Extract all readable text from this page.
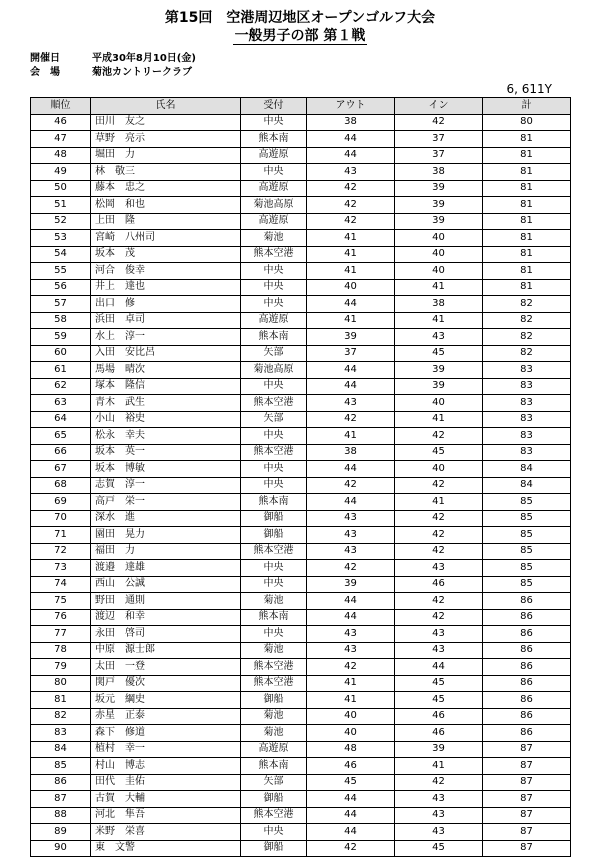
第15回　空港周辺地区オープンゴルフ大会
一般男子の部 第１戦
開催日	平成30年8月10日(金)
会　場	菊池カントリークラブ
6, 611Y
順位	氏名	受付	アウト	イン	計
46	田川　友之	中央	38	42	80
47	草野　亮示	熊本南	44	37	81
48	堀田　力	高遊原	44	37	81
49	林　敬三	中央	43	38	81
50	藤本　忠之	高遊原	42	39	81
51	松岡　和也	菊池高原	42	39	81
52	上田　隆	高遊原	42	39	81
53	宮崎　八州司	菊池	41	40	81
54	坂本　茂	熊本空港	41	40	81
55	河合　俊幸	中央	41	40	81
56	井上　達也	中央	40	41	81
57	出口　修	中央	44	38	82
58	浜田　卓司	高遊原	41	41	82
59	水上　淳一	熊本南	39	43	82
60	入田　安比呂	矢部	37	45	82
61	馬場　晴次	菊池高原	44	39	83
62	塚本　隆信	中央	44	39	83
63	青木　武生	熊本空港	43	40	83
64	小山　裕史	矢部	42	41	83
65	松永　幸夫	中央	41	42	83
66	坂本　英一	熊本空港	38	45	83
67	坂本　博敏	中央	44	40	84
68	志賀　淳一	中央	42	42	84
69	高戸　栄一	熊本南	44	41	85
70	深水　進	御船	43	42	85
71	園田　晃力	御船	43	42	85
72	福田　力	熊本空港	43	42	85
73	渡邉　達雄	中央	42	43	85
74	西山　公誠	中央	39	46	85
75	野田　通則	菊池	44	42	86
76	渡辺　和幸	熊本南	44	42	86
77	永田　啓司	中央	43	43	86
78	中原　源士郎	菊池	43	43	86
79	太田　一登	熊本空港	42	44	86
80	関戸　優次	熊本空港	41	45	86
81	坂元　綱史	御船	41	45	86
82	赤星　正泰	菊池	40	46	86
83	森下　修道	菊池	40	46	86
84	植村　幸一	高遊原	48	39	87
85	村山　博志	熊本南	46	41	87
86	田代　圭佑	矢部	45	42	87
87	古賀　大輔	御船	44	43	87
88	河北　隼吾	熊本空港	44	43	87
89	米野　栄喜	中央	44	43	87
90	東　文警	御船	42	45	87
